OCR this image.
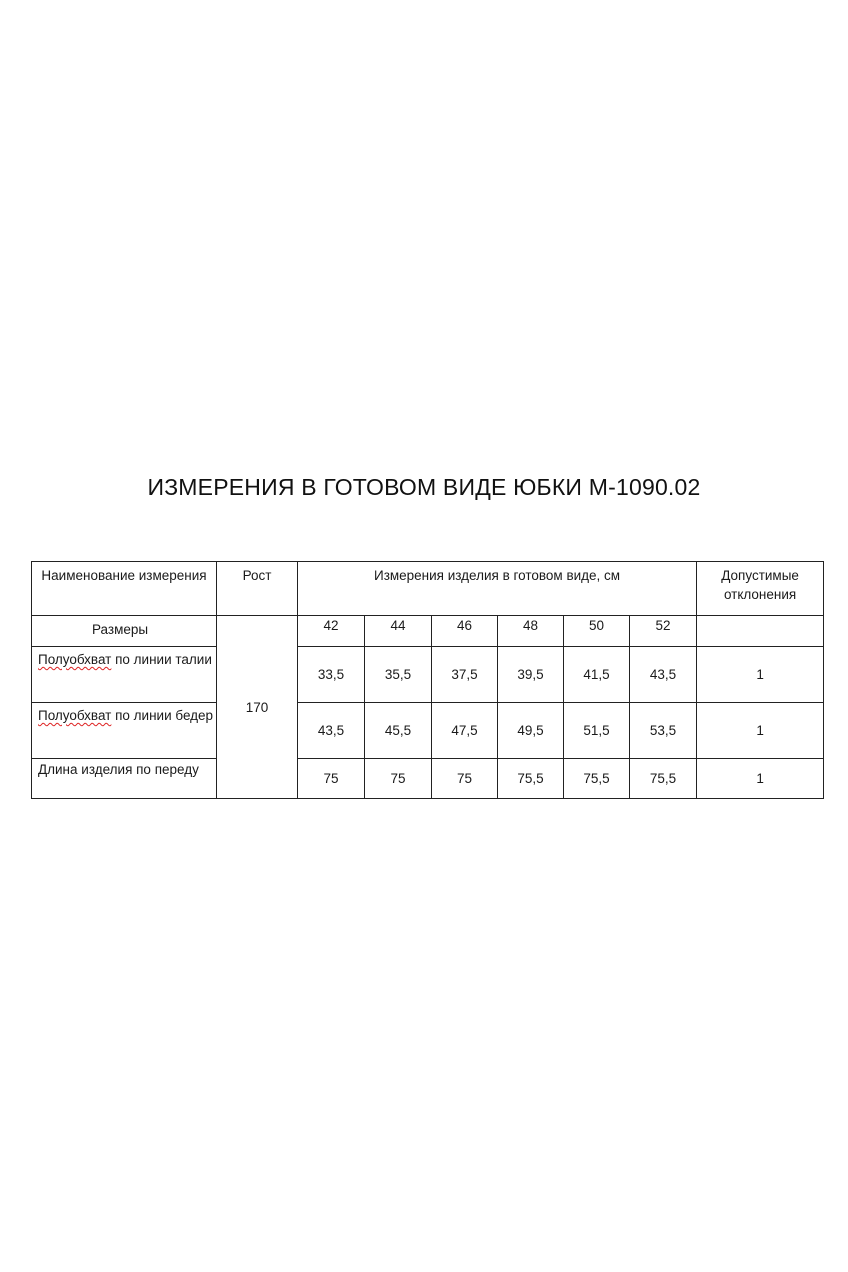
ИЗМЕРЕНИЯ В ГОТОВОМ ВИДЕ ЮБКИ М-1090.02
Наименование измерения	Рост	Измерения изделия в готовом виде, см						Допустимые отклонения
Размеры	170	42	44	46	48	50	52	
Полуобхват по линии талии		33,5	35,5	37,5	39,5	41,5	43,5	1
Полуобхват по линии бедер		43,5	45,5	47,5	49,5	51,5	53,5	1
Длина изделия по переду		75	75	75	75,5	75,5	75,5	1
